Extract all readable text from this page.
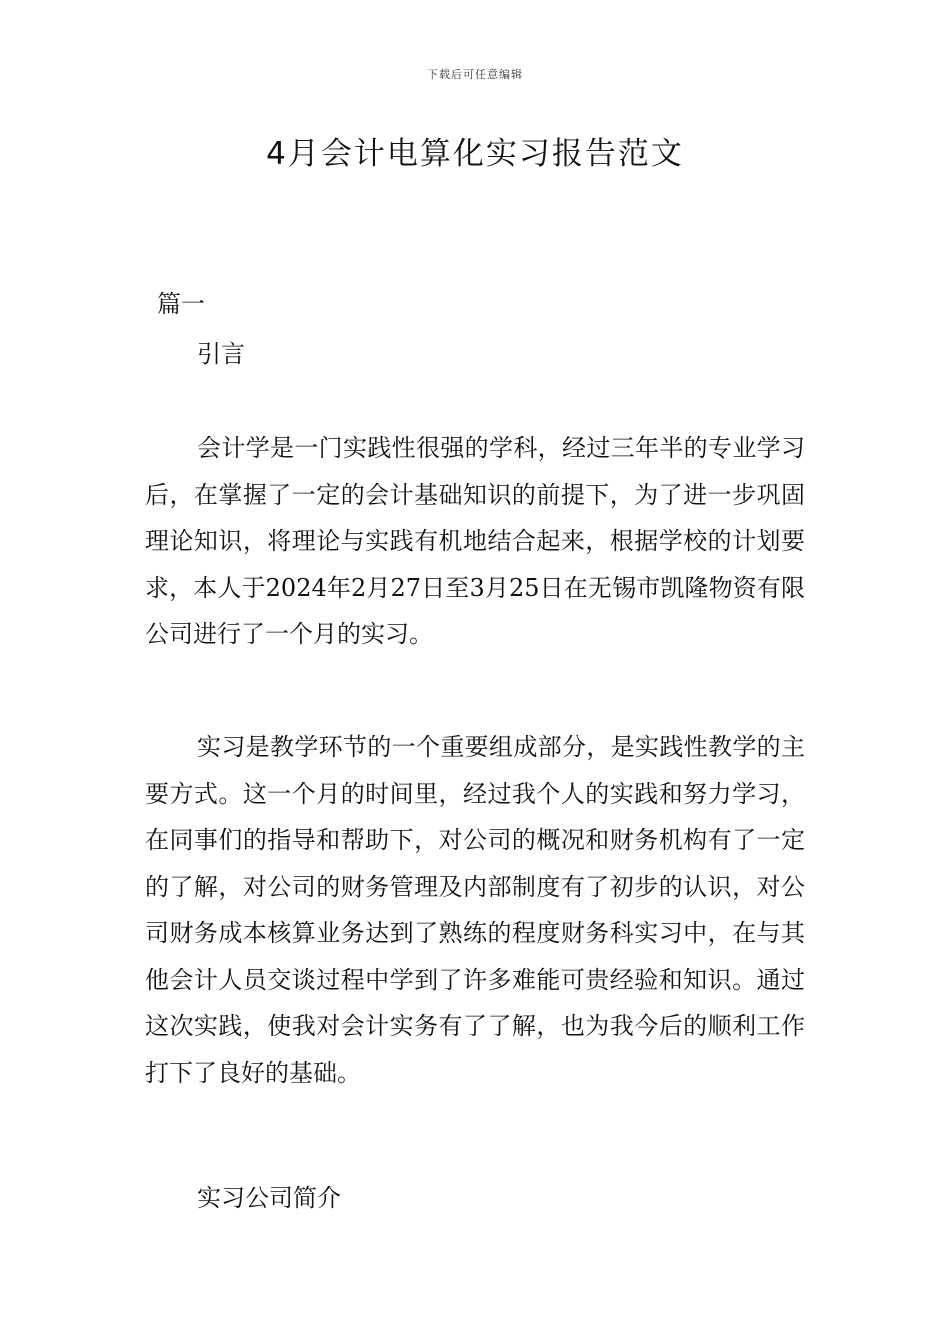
下载后可任意编辑
4月会计电算化实习报告范文
篇一
引言

会计学是一门实践性很强的学科，经过三年半的专业学习后，在掌握了一定的会计基础知识的前提下，为了进一步巩固理论知识，将理论与实践有机地结合起来，根据学校的计划要求，本人于2024年2月27日至3月25日在无锡市凯隆物资有限公司进行了一个月的实习。

实习是教学环节的一个重要组成部分，是实践性教学的主要方式。这一个月的时间里，经过我个人的实践和努力学习，在同事们的指导和帮助下，对公司的概况和财务机构有了一定的了解，对公司的财务管理及内部制度有了初步的认识，对公司财务成本核算业务达到了熟练的程度财务科实习中，在与其他会计人员交谈过程中学到了许多难能可贵经验和知识。通过这次实践，使我对会计实务有了了解，也为我今后的顺利工作打下了良好的基础。

实习公司简介
